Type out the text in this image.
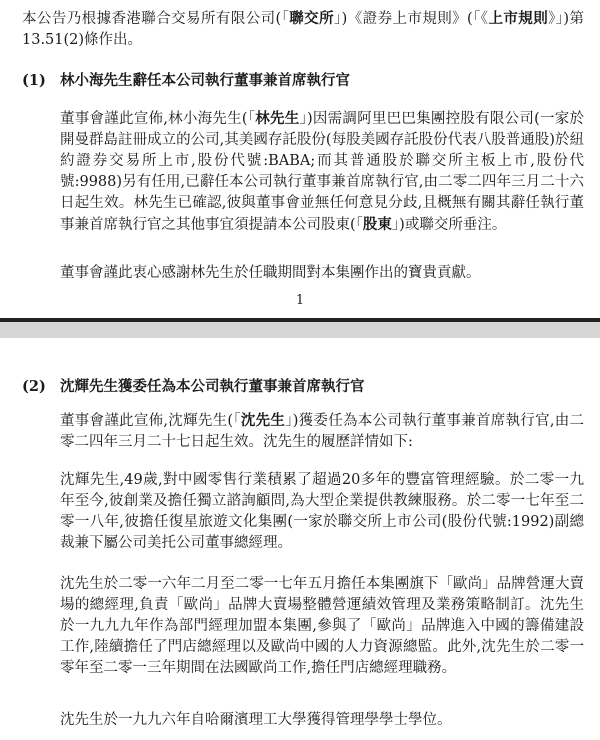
本公告乃根據香港聯合交易所有限公司(「聯交所」)《證券上市規則》(「《上市規則》」)第13.51(2)條作出。

(1) 林小海先生辭任本公司執行董事兼首席執行官

董事會謹此宣佈,林小海先生(「林先生」)因需調阿里巴巴集團控股有限公司(一家於開曼群島註冊成立的公司,其美國存託股份(每股美國存託股份代表八股普通股)於紐約證券交易所上市,股份代號:BABA;而其普通股於聯交所主板上市,股份代號:9988)另有任用,已辭任本公司執行董事兼首席執行官,由二零二四年三月二十六日起生效。林先生已確認,彼與董事會並無任何意見分歧,且概無有關其辭任執行董事兼首席執行官之其他事宜須提請本公司股東(「股東」)或聯交所垂注。

董事會謹此衷心感謝林先生於任職期間對本集團作出的寶貴貢獻。

1
(2) 沈輝先生獲委任為本公司執行董事兼首席執行官

董事會謹此宣佈,沈輝先生(「沈先生」)獲委任為本公司執行董事兼首席執行官,由二零二四年三月二十七日起生效。沈先生的履歷詳情如下:

沈輝先生,49歲,對中國零售行業積累了超過20多年的豐富管理經驗。於二零一九年至今,彼創業及擔任獨立諮詢顧問,為大型企業提供教練服務。於二零一七年至二零一八年,彼擔任復星旅遊文化集團(一家於聯交所上市公司(股份代號:1992)副總裁兼下屬公司美托公司董事總經理。

沈先生於二零一六年二月至二零一七年五月擔任本集團旗下「歐尚」品牌營運大賣場的總經理,負責「歐尚」品牌大賣場整體營運績效管理及業務策略制訂。沈先生於一九九九年作為部門經理加盟本集團,參與了「歐尚」品牌進入中國的籌備建設工作,陸續擔任了門店總經理以及歐尚中國的人力資源總監。此外,沈先生於二零一零年至二零一三年期間在法國歐尚工作,擔任門店總經理職務。

沈先生於一九九六年自哈爾濱理工大學獲得管理學學士學位。
